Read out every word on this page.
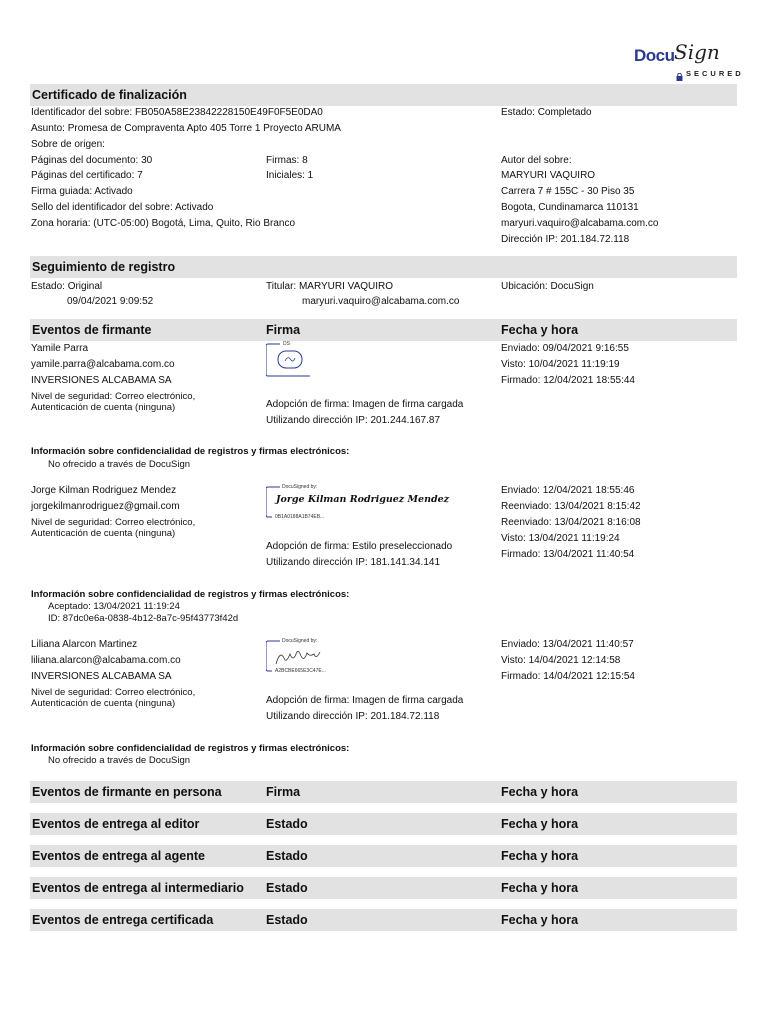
Docu Sign
SECURED
Certificado de finalización
Identificador del sobre: FB050A58E23842228150E49F0F5E0DA0
Asunto: Promesa de Compraventa Apto 405 Torre 1 Proyecto ARUMA
Sobre de origen:
Páginas del documento: 30
Páginas del certificado: 7
Firma guiada: Activado
Sello del identificador del sobre: Activado
Zona horaria: (UTC-05:00) Bogotá, Lima, Quito, Rio Branco
Firmas: 8
Iniciales: 1
Estado: Completado
Autor del sobre:
MARYURI VAQUIRO
Carrera 7 # 155C - 30 Piso 35
Bogota, Cundinamarca 110131
maryuri.vaquiro@alcabama.com.co
Dirección IP: 201.184.72.118
Seguimiento de registro
Estado: Original
09/04/2021 9:09:52
Titular: MARYURI VAQUIRO
maryuri.vaquiro@alcabama.com.co
Ubicación: DocuSign
Eventos de firmante	Firma	Fecha y hora
Yamile Parra
yamile.parra@alcabama.com.co
INVERSIONES ALCABAMA SA
Nivel de seguridad: Correo electrónico,
Autenticación de cuenta (ninguna)
DS
Adopción de firma: Imagen de firma cargada
Utilizando dirección IP: 201.244.167.87
Enviado: 09/04/2021 9:16:55
Visto: 10/04/2021 11:19:19
Firmado: 12/04/2021 18:55:44
Información sobre confidencialidad de registros y firmas electrónicos:
No ofrecido a través de DocuSign
Jorge Kilman Rodriguez Mendez
jorgekilmanrodriguez@gmail.com
Nivel de seguridad: Correo electrónico,
Autenticación de cuenta (ninguna)
DocuSigned by:
Jorge Kilman Rodriguez Mendez
0B1A0188A1B74EB...
Adopción de firma: Estilo preseleccionado
Utilizando dirección IP: 181.141.34.141
Enviado: 12/04/2021 18:55:46
Reenviado: 13/04/2021 8:15:42
Reenviado: 13/04/2021 8:16:08
Visto: 13/04/2021 11:19:24
Firmado: 13/04/2021 11:40:54
Información sobre confidencialidad de registros y firmas electrónicos:
Aceptado: 13/04/2021 11:19:24
ID: 87dc0e6a-0838-4b12-8a7c-95f43773f42d
Liliana Alarcon Martinez
liliana.alarcon@alcabama.com.co
INVERSIONES ALCABAMA SA
Nivel de seguridad: Correo electrónico,
Autenticación de cuenta (ninguna)
DocuSigned by:
A2BCBE665E3C47E...
Adopción de firma: Imagen de firma cargada
Utilizando dirección IP: 201.184.72.118
Enviado: 13/04/2021 11:40:57
Visto: 14/04/2021 12:14:58
Firmado: 14/04/2021 12:15:54
Información sobre confidencialidad de registros y firmas electrónicos:
No ofrecido a través de DocuSign
Eventos de firmante en persona	Firma	Fecha y hora
Eventos de entrega al editor	Estado	Fecha y hora
Eventos de entrega al agente	Estado	Fecha y hora
Eventos de entrega al intermediario Estado	Fecha y hora
Eventos de entrega certificada	Estado	Fecha y hora
